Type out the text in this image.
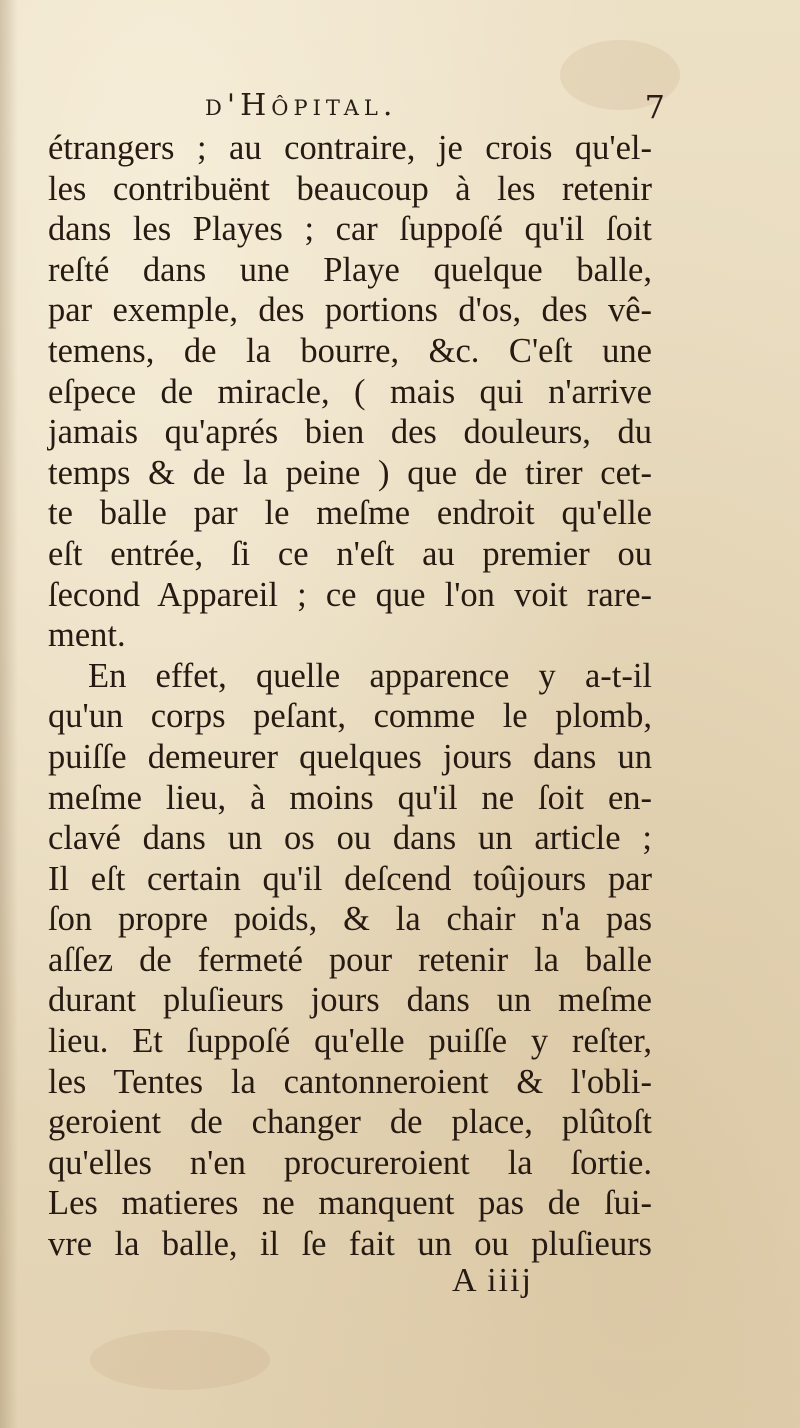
d'Hôpital.	7
étrangers ; au contraire, je crois qu'el-
les contribuënt beaucoup à les retenir
dans les Playes ; car ſuppoſé qu'il ſoit
reſté dans une Playe quelque balle,
par exemple, des portions d'os, des vê-
temens, de la bourre, &c. C'eſt une
eſpece de miracle, ( mais qui n'arrive
jamais qu'aprés bien des douleurs, du
temps & de la peine ) que de tirer cet-
te balle par le meſme endroit qu'elle
eſt entrée, ſi ce n'eſt au premier ou
ſecond Appareil ; ce que l'on voit rare-
ment.
En effet, quelle apparence y a-t-il
qu'un corps peſant, comme le plomb,
puiſſe demeurer quelques jours dans un
meſme lieu, à moins qu'il ne ſoit en-
clavé dans un os ou dans un article ;
Il eſt certain qu'il deſcend toûjours par
ſon propre poids, & la chair n'a pas
aſſez de fermeté pour retenir la balle
durant pluſieurs jours dans un meſme
lieu. Et ſuppoſé qu'elle puiſſe y reſter,
les Tentes la cantonneroient & l'obli-
geroient de changer de place, plûtoſt
qu'elles n'en procureroient la ſortie.
Les matieres ne manquent pas de ſui-
vre la balle, il ſe fait un ou pluſieurs
A iiij
